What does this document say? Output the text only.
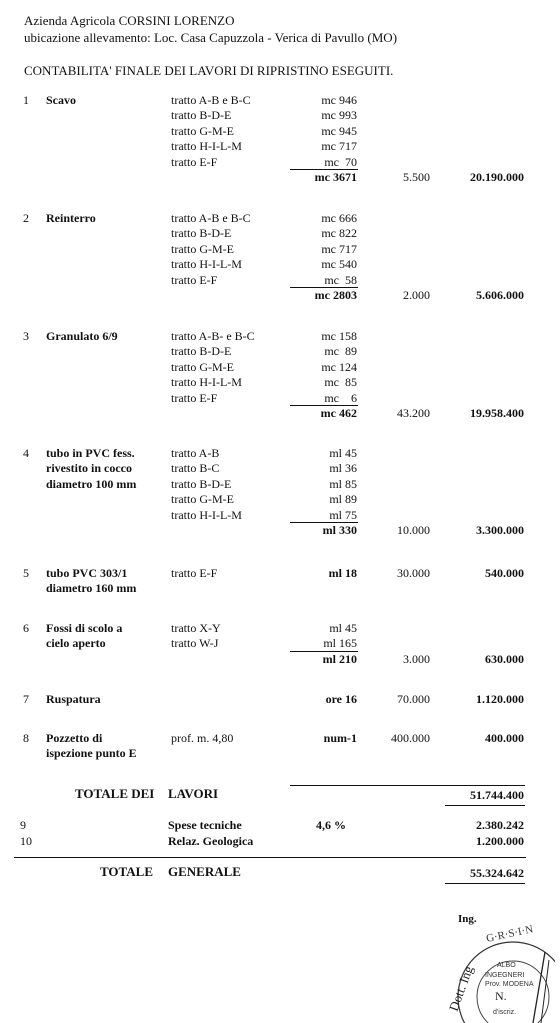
Azienda Agricola CORSINI LORENZO
ubicazione allevamento: Loc. Casa Capuzzola - Verica di Pavullo (MO)
CONTABILITA' FINALE DEI LAVORI DI RIPRISTINO ESEGUITI.
1 Scavo	tratto A-B e B-C	mc 946
tratto B-D-E	mc 993
tratto G-M-E	mc 945
tratto H-I-L-M	mc 717
tratto E-F	mc  70
mc 3671	5.500	20.190.000
2 Reinterro	tratto A-B e B-C	mc 666
tratto B-D-E	mc 822
tratto G-M-E	mc 717
tratto H-I-L-M	mc 540
tratto E-F	mc  58
mc 2803	2.000	5.606.000
3 Granulato 6/9	tratto A-B- e B-C	mc 158
tratto B-D-E	mc  89
tratto G-M-E	mc 124
tratto H-I-L-M	mc  85
tratto E-F	mc    6
mc 462	43.200	19.958.400
4 tubo in PVC fess.
rivestito in cocco
diametro 100 mm
tratto A-B	ml 45
tratto B-C	ml 36
tratto B-D-E	ml 85
tratto G-M-E	ml 89
tratto H-I-L-M	ml 75
ml 330	10.000	3.300.000
5 tubo PVC 303/1
diametro 160 mm
tratto E-F	ml 18	30.000	540.000
6 Fossi di scolo a
cielo aperto
tratto X-Y	ml 45
tratto W-J	ml 165
ml 210	3.000	630.000
7 Ruspatura	ore 16	70.000	1.120.000
8 Pozzetto di
ispezione punto E
prof. m. 4,80	num-1	400.000	400.000
TOTALE DEI LAVORI	51.744.400
9	Spese tecniche	4,6 %	2.380.242
10	Relaz. Geologica	1.200.000
TOTALE GENERALE	55.324.642
Ing.
Dott. Ing
G·R·S·I·N
ALBO
INGEGNERI
Prov. MODENA
N.
d'iscriz.
